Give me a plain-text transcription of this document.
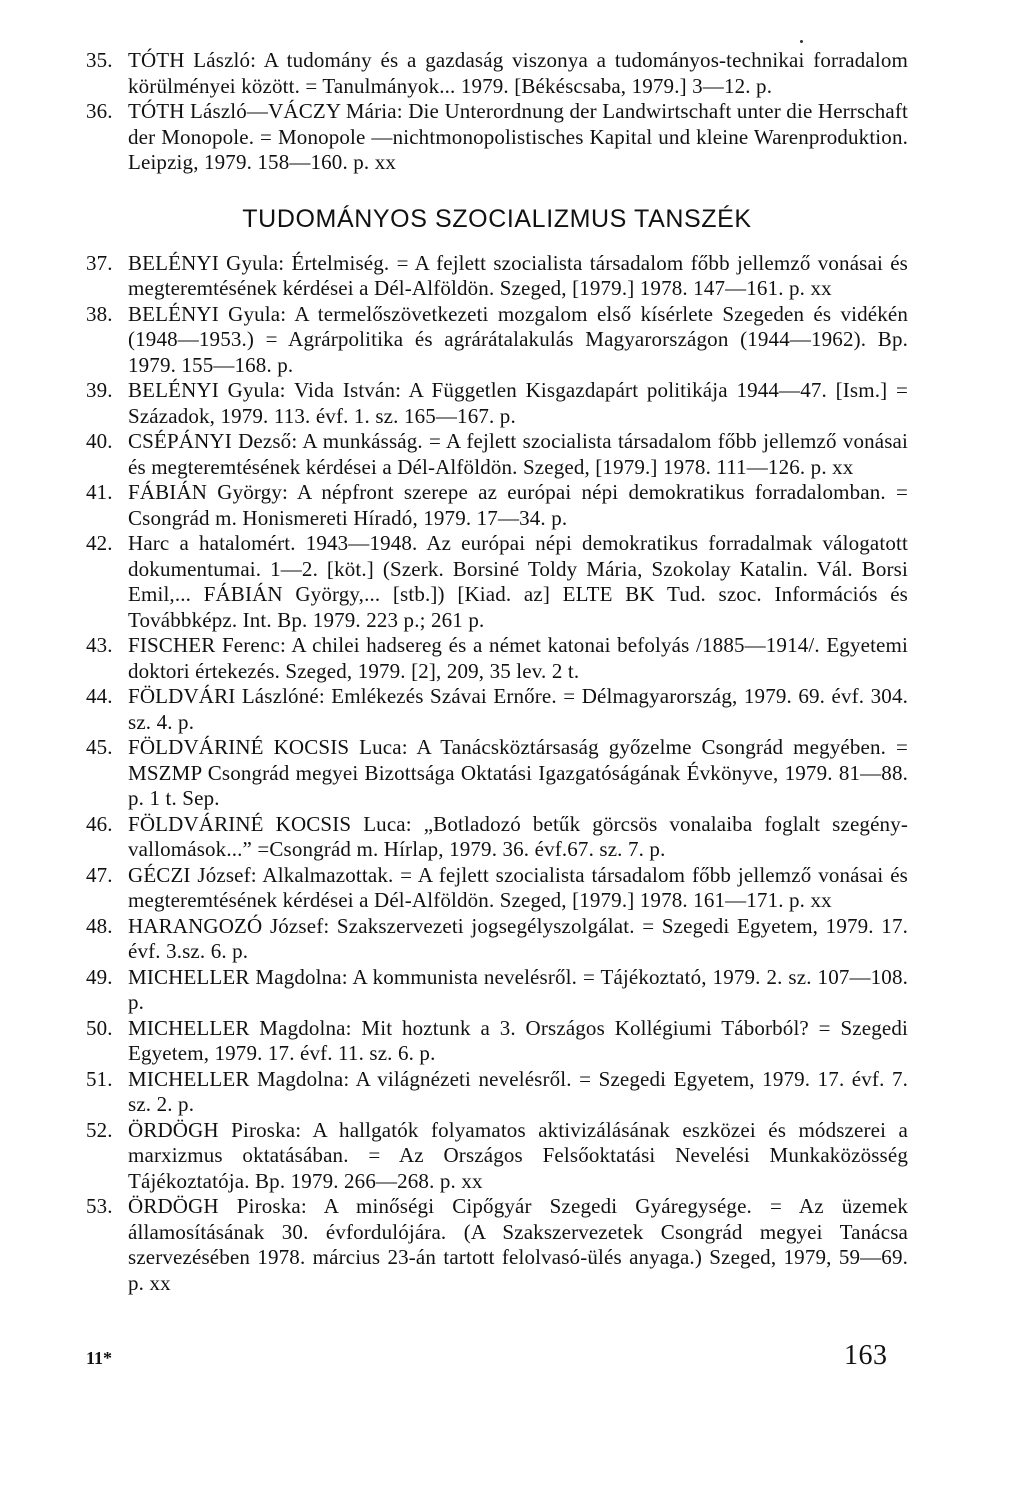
35. TÓTH László: A tudomány és a gazdaság viszonya a tudományos-technikai forradalom körülményei között. = Tanulmányok... 1979. [Békéscsaba, 1979.] 3—12. p.
36. TÓTH László—VÁCZY Mária: Die Unterordnung der Landwirtschaft unter die Herrschaft der Monopole. = Monopole —nichtmonopolistisches Kapital und kleine Warenproduktion. Leipzig, 1979. 158—160. p. xx
TUDOMÁNYOS SZOCIALIZMUS TANSZÉK
37. BELÉNYI Gyula: Értelmiség. = A fejlett szocialista társadalom főbb jellemző vonásai és megteremtésének kérdései a Dél-Alföldön. Szeged, [1979.] 1978. 147—161. p. xx
38. BELÉNYI Gyula: A termelőszövetkezeti mozgalom első kísérlete Szegeden és vidékén (1948—1953.) = Agrárpolitika és agrárátalakulás Magyarországon (1944—1962). Bp. 1979. 155—168. p.
39. BELÉNYI Gyula: Vida István: A Független Kisgazdapárt politikája 1944—47. [Ism.] = Századok, 1979. 113. évf. 1. sz. 165—167. p.
40. CSÉPÁNYI Dezső: A munkásság. = A fejlett szocialista társadalom főbb jellemző vonásai és megteremtésének kérdései a Dél-Alföldön. Szeged, [1979.] 1978. 111—126. p. xx
41. FÁBIÁN György: A népfront szerepe az európai népi demokratikus forradalomban. = Csongrád m. Honismereti Híradó, 1979. 17—34. p.
42. Harc a hatalomért. 1943—1948. Az európai népi demokratikus forradalmak válogatott dokumentumai. 1—2. [köt.] (Szerk. Borsiné Toldy Mária, Szokolay Katalin. Vál. Borsi Emil,... FÁBIÁN György,... [stb.]) [Kiad. az] ELTE BK Tud. szoc. Információs és Továbbképz. Int. Bp. 1979. 223 p.; 261 p.
43. FISCHER Ferenc: A chilei hadsereg és a német katonai befolyás /1885—1914/. Egyetemi doktori értekezés. Szeged, 1979. [2], 209, 35 lev. 2 t.
44. FÖLDVÁRI Lászlóné: Emlékezés Szávai Ernőre. = Délmagyarország, 1979. 69. évf. 304. sz. 4. p.
45. FÖLDVÁRINÉ KOCSIS Luca: A Tanácsköztársaság győzelme Csongrád megyében. = MSZMP Csongrád megyei Bizottsága Oktatási Igazgatóságának Évkönyve, 1979. 81—88. p. 1 t. Sep.
46. FÖLDVÁRINÉ KOCSIS Luca: „Botladozó betűk görcsös vonalaiba foglalt szegény-vallomások...” =Csongrád m. Hírlap, 1979. 36. évf.67. sz. 7. p.
47. GÉCZI József: Alkalmazottak. = A fejlett szocialista társadalom főbb jellemző vonásai és megteremtésének kérdései a Dél-Alföldön. Szeged, [1979.] 1978. 161—171. p. xx
48. HARANGOZÓ József: Szakszervezeti jogsegélyszolgálat. = Szegedi Egyetem, 1979. 17. évf. 3.sz. 6. p.
49. MICHELLER Magdolna: A kommunista nevelésről. = Tájékoztató, 1979. 2. sz. 107—108. p.
50. MICHELLER Magdolna: Mit hoztunk a 3. Országos Kollégiumi Táborból? = Szegedi Egyetem, 1979. 17. évf. 11. sz. 6. p.
51. MICHELLER Magdolna: A világnézeti nevelésről. = Szegedi Egyetem, 1979. 17. évf. 7. sz. 2. p.
52. ÖRDÖGH Piroska: A hallgatók folyamatos aktivizálásának eszközei és módszerei a marxizmus oktatásában. = Az Országos Felsőoktatási Nevelési Munkaközösség Tájékoztatója. Bp. 1979. 266—268. p. xx
53. ÖRDÖGH Piroska: A minőségi Cipőgyár Szegedi Gyáregysége. = Az üzemek államosításának 30. évfordulójára. (A Szakszervezetek Csongrád megyei Tanácsa szervezésében 1978. március 23-án tartott felolvasó-ülés anyaga.) Szeged, 1979, 59—69. p. xx
11*	163
